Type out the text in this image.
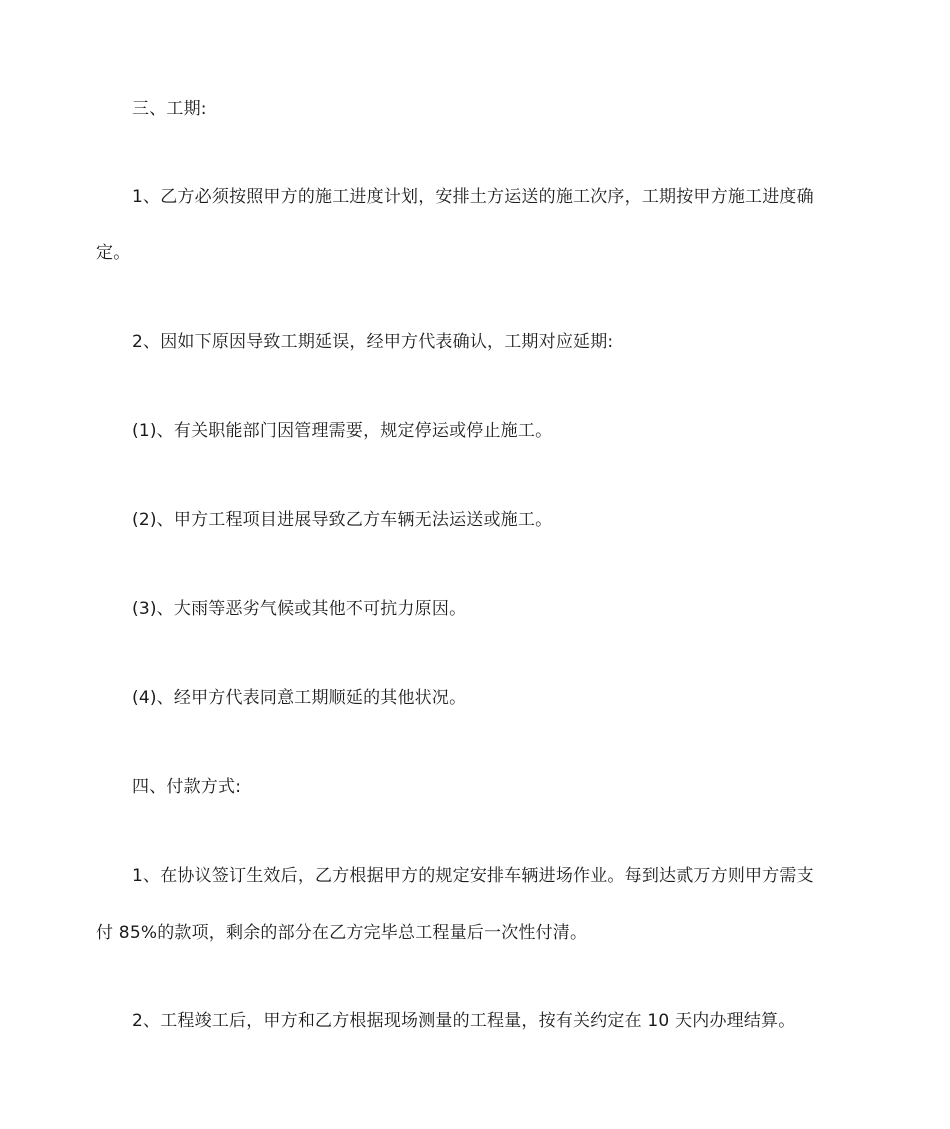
三、工期:
1、乙方必须按照甲方的施工进度计划，安排土方运送的施工次序，工期按甲方施工进度确
定。
2、因如下原因导致工期延误，经甲方代表确认，工期对应延期:
(1)、有关职能部门因管理需要，规定停运或停止施工。
(2)、甲方工程项目进展导致乙方车辆无法运送或施工。
(3)、大雨等恶劣气候或其他不可抗力原因。
(4)、经甲方代表同意工期顺延的其他状况。
四、付款方式:
1、在协议签订生效后，乙方根据甲方的规定安排车辆进场作业。每到达贰万方则甲方需支
付 85%的款项，剩余的部分在乙方完毕总工程量后一次性付清。
2、工程竣工后，甲方和乙方根据现场测量的工程量，按有关约定在 10 天内办理结算。
